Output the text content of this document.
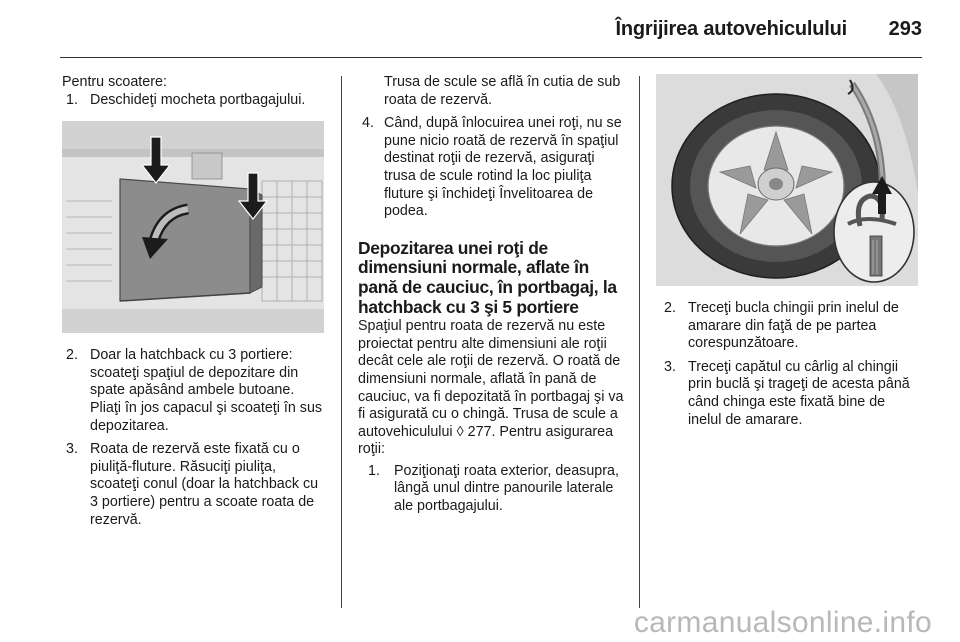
Îngrijirea autovehiculului 293

Pentru scoatere:

1. Deschideţi mocheta portbagajului.
2. Doar la hatchback cu 3 portiere: scoateţi spaţiul de depozitare din spate apăsând ambele butoane. Pliaţi în jos capacul şi scoateţi în sus depozitarea.
3. Roata de rezervă este fixată cu o piuliţă-fluture. Răsuciţi piuliţa, scoateţi conul (doar la hatchback cu 3 portiere) pentru a scoate roata de rezervă.

Trusa de scule se află în cutia de sub roata de rezervă.

4. Când, după înlocuirea unei roţi, nu se pune nicio roată de rezervă în spaţiul destinat roţii de rezervă, asiguraţi trusa de scule rotind la loc piuliţa fluture şi închideţi Învelitoarea de podea.
Depozitarea unei roţi de dimensiuni normale, aflate în pană de cauciuc, în portbagaj, la hatchback cu 3 şi 5 portiere

Spaţiul pentru roata de rezervă nu este proiectat pentru alte dimensiuni ale roţii decât cele ale roţii de rezervă. O roată de dimensiuni normale, aflată în pană de cauciuc, va fi depozitată în portbagaj şi va fi asigurată cu o chingă. Trusa de scule a autovehiculului ◊ 277. Pentru asigurarea roţii:

1. Poziţionaţi roata exterior, deasupra, lângă unul dintre panourile laterale ale portbagajului.
2. Treceţi bucla chingii prin inelul de amarare din faţă de pe partea corespunzătoare.
3. Treceţi capătul cu cârlig al chingii prin buclă şi trageţi de acesta până când chinga este fixată bine de inelul de amarare.
carmanualsonline.info
